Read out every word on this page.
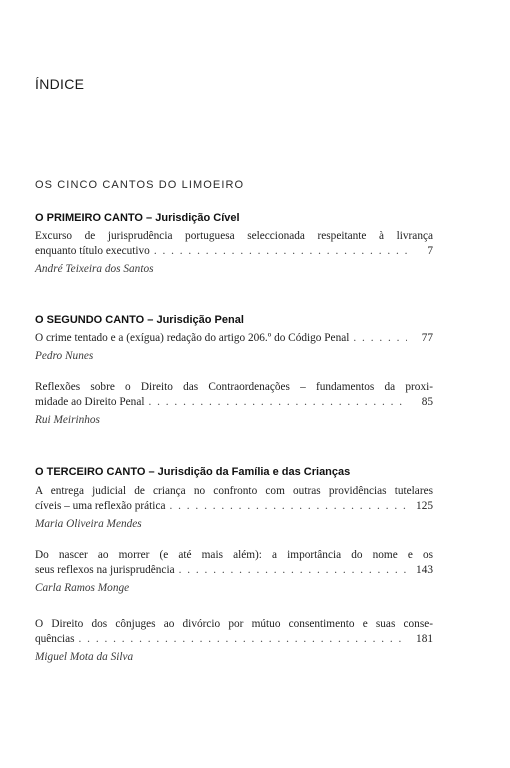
ÍNDICE
OS CINCO CANTOS DO LIMOEIRO
O PRIMEIRO CANTO – Jurisdição Cível
Excurso de jurisprudência portuguesa seleccionada respeitante à livrança
enquanto título executivo . . .	7
André Teixeira dos Santos
O SEGUNDO CANTO – Jurisdição Penal
O crime tentado e a (exígua) redação do artigo 206.º do Código Penal . . .	77
Pedro Nunes
Reflexões sobre o Direito das Contraordenações – fundamentos da proxi-
midade ao Direito Penal . . .	85
Rui Meirinhos
O TERCEIRO CANTO – Jurisdição da Família e das Crianças
A entrega judicial de criança no confronto com outras providências tutelares
cíveis – uma reflexão prática . . .	125
Maria Oliveira Mendes
Do nascer ao morrer (e até mais além): a importância do nome e os
seus reflexos na jurisprudência . . .	143
Carla Ramos Monge
O Direito dos cônjuges ao divórcio por mútuo consentimento e suas conse-
quências . . .	181
Miguel Mota da Silva
